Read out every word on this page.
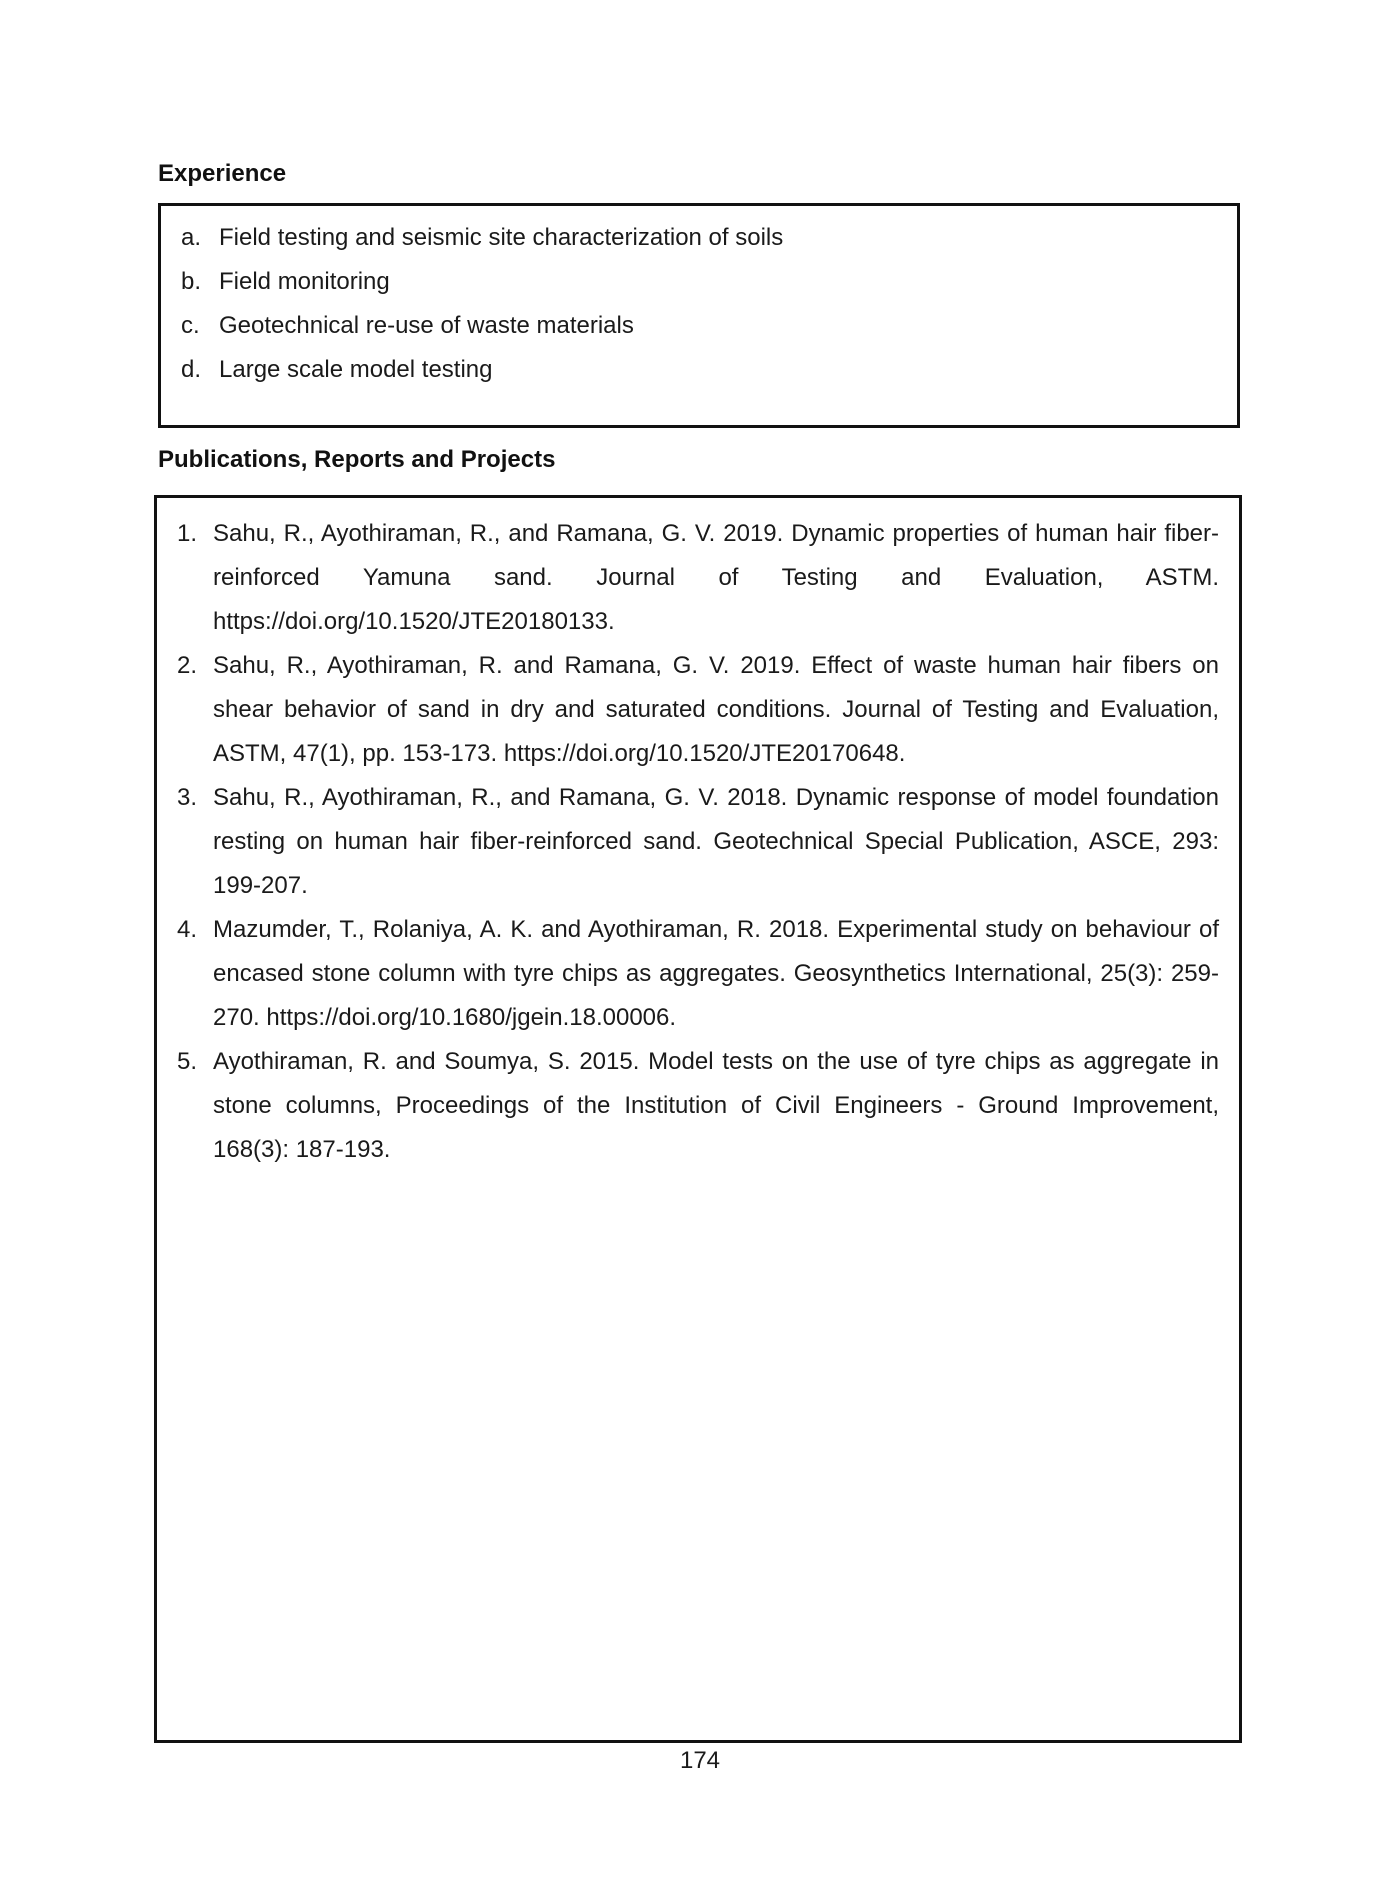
Experience
a. Field testing and seismic site characterization of soils
b. Field monitoring
c. Geotechnical re-use of waste materials
d. Large scale model testing
Publications, Reports and Projects
1. Sahu, R., Ayothiraman, R., and Ramana, G. V. 2019. Dynamic properties of human hair fiber-reinforced Yamuna sand. Journal of Testing and Evaluation, ASTM. https://doi.org/10.1520/JTE20180133.

2. Sahu, R., Ayothiraman, R. and Ramana, G. V. 2019. Effect of waste human hair fibers on shear behavior of sand in dry and saturated conditions. Journal of Testing and Evaluation, ASTM, 47(1), pp. 153-173. https://doi.org/10.1520/JTE20170648.

3. Sahu, R., Ayothiraman, R., and Ramana, G. V. 2018. Dynamic response of model foundation resting on human hair fiber-reinforced sand. Geotechnical Special Publication, ASCE, 293: 199-207.

4. Mazumder, T., Rolaniya, A. K. and Ayothiraman, R. 2018. Experimental study on behaviour of encased stone column with tyre chips as aggregates. Geosynthetics International, 25(3): 259-270. https://doi.org/10.1680/jgein.18.00006.

5. Ayothiraman, R. and Soumya, S. 2015. Model tests on the use of tyre chips as aggregate in stone columns, Proceedings of the Institution of Civil Engineers - Ground Improvement, 168(3): 187-193.

174
